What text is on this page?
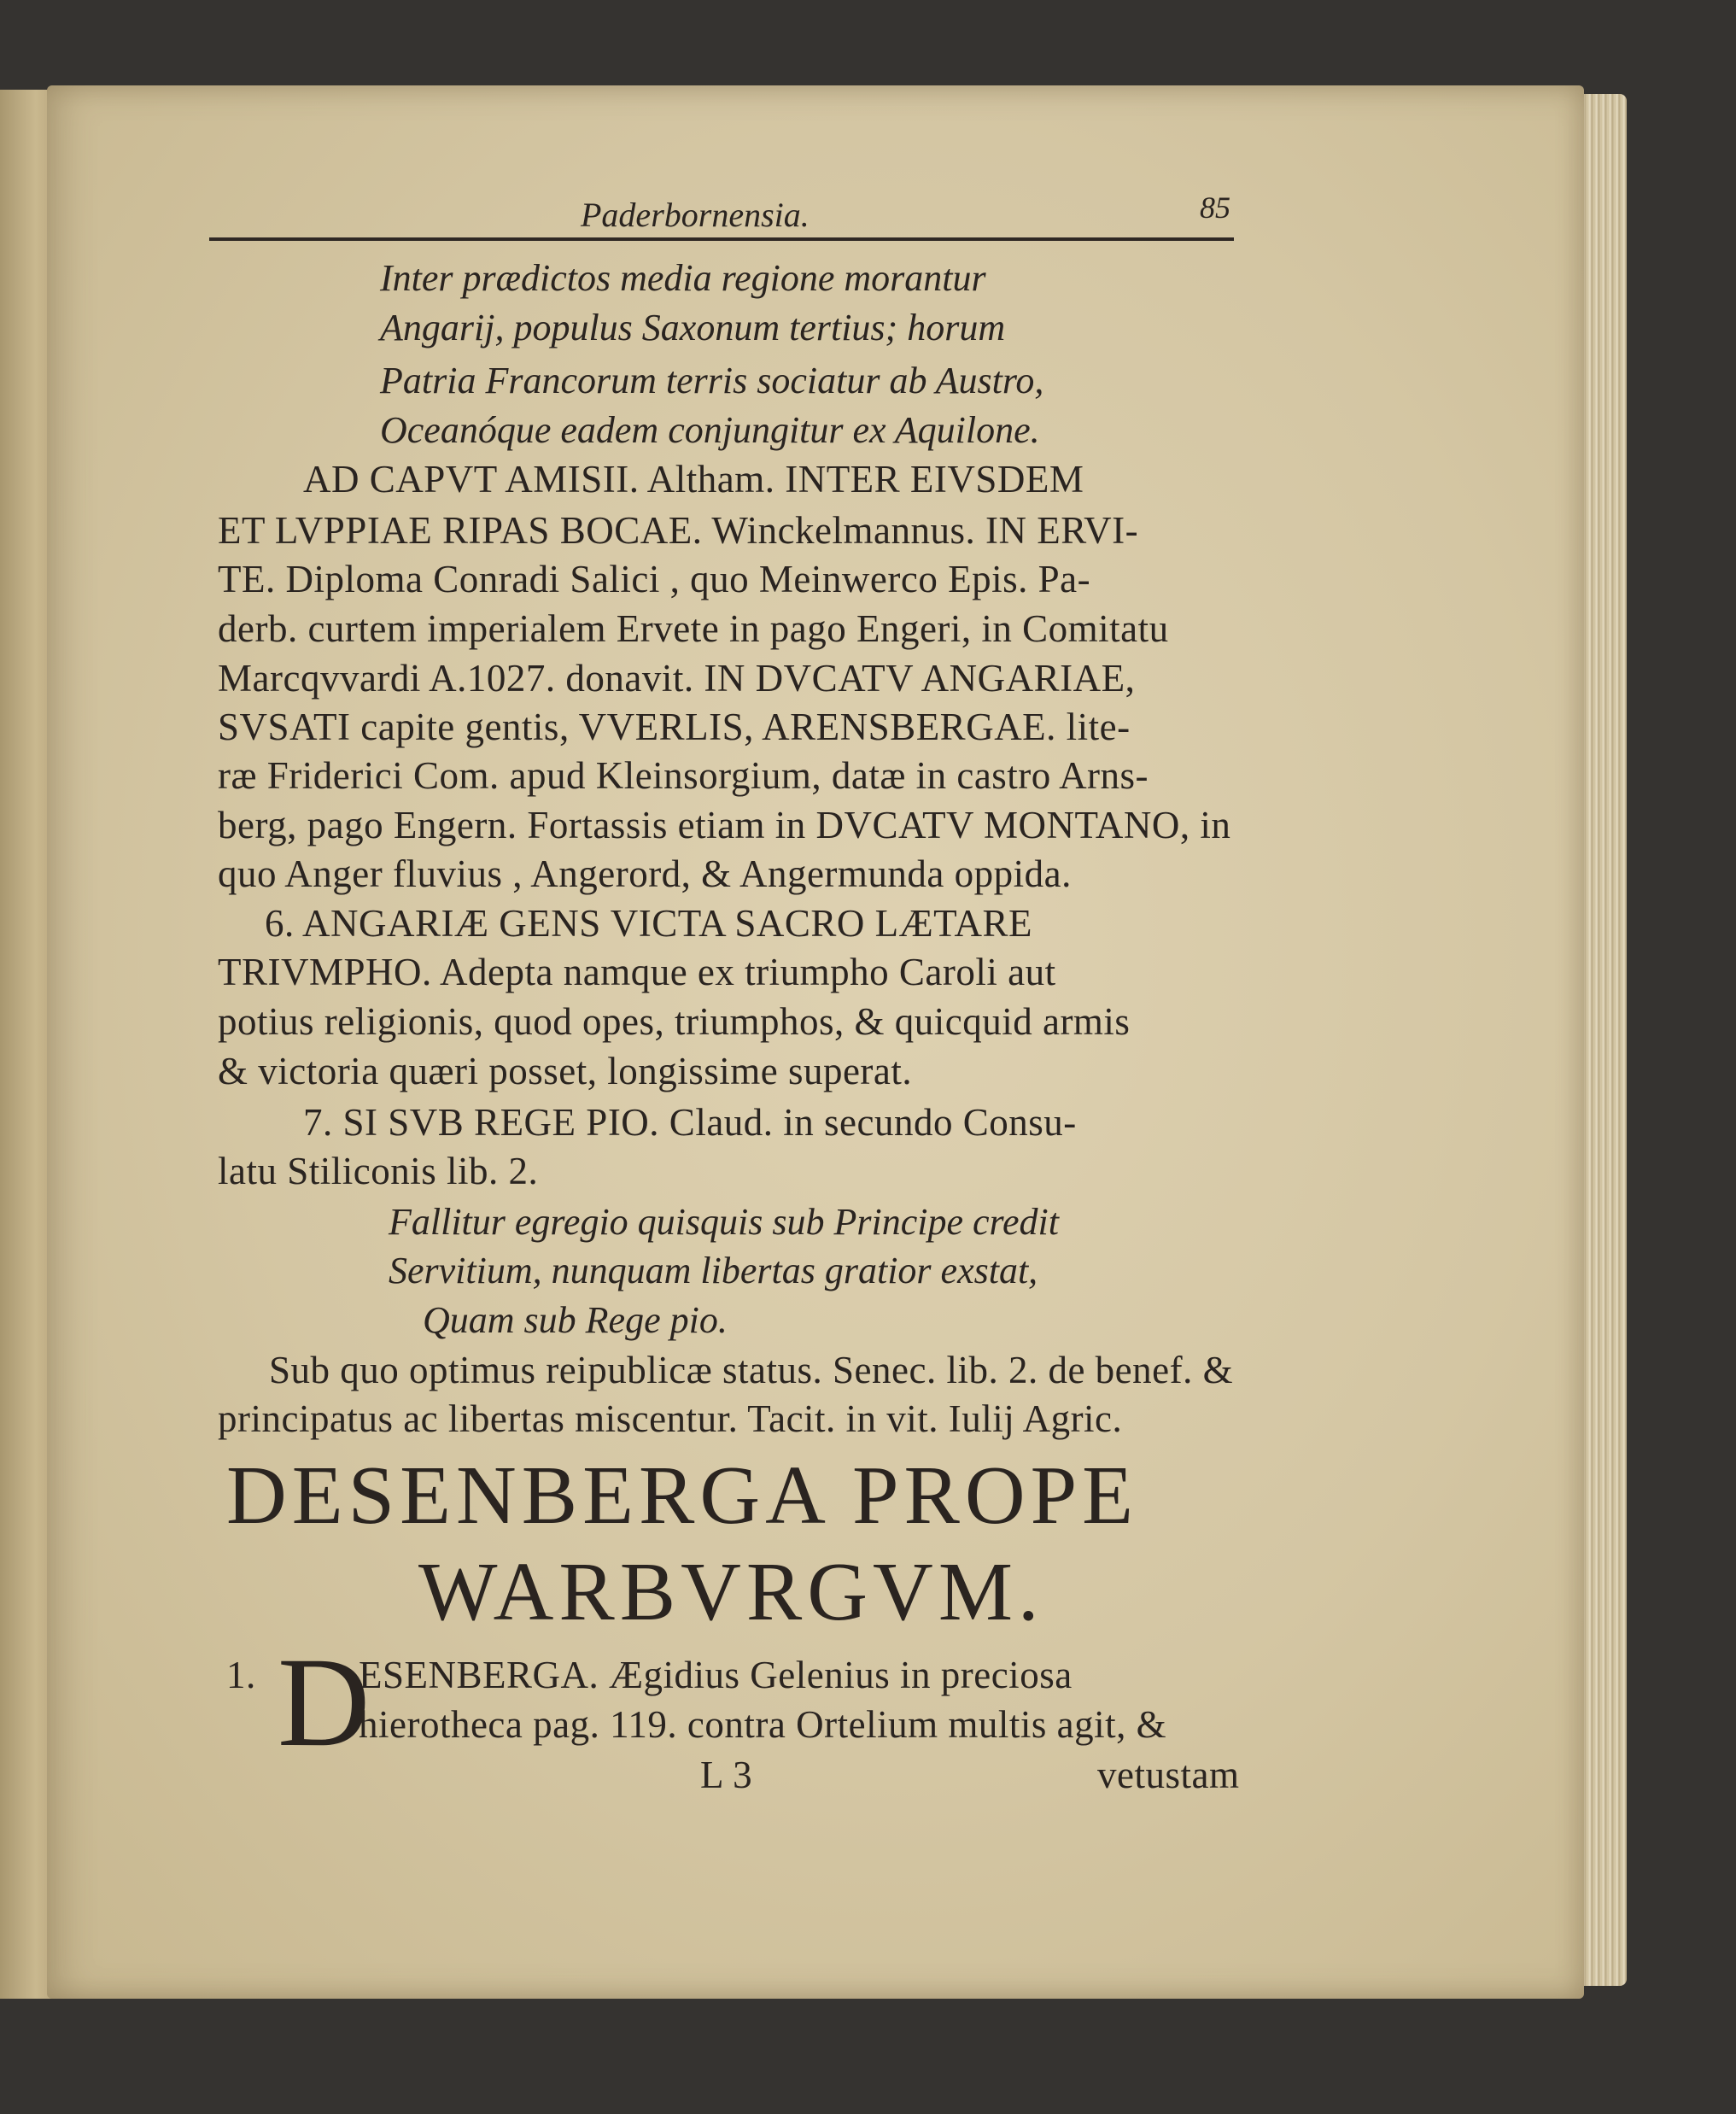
Paderbornensia.	85
Inter prædictos media regione morantur
Angarij, populus Saxonum tertius; horum
Patria Francorum terris sociatur ab Austro,
Oceanóque eadem conjungitur ex Aquilone.
AD CAPVT AMISII. Altham. INTER EIVSDEM
ET LVPPIAE RIPAS BOCAE. Winckelmannus. IN ERVI-
TE. Diploma Conradi Salici , quo Meinwerco Epis. Pa-
derb. curtem imperialem Ervete in pago Engeri, in Comitatu
Marcqvvardi A.1027. donavit. IN DVCATV ANGARIAE,
SVSATI capite gentis, VVERLIS, ARENSBERGAE. lite-
ræ Friderici Com. apud Kleinsorgium, datæ in castro Arns-
berg, pago Engern. Fortassis etiam in DVCATV MONTANO, in
quo Anger fluvius , Angerord, & Angermunda oppida.
6. ANGARIÆ GENS VICTA SACRO LÆTARE
TRIVMPHO. Adepta namque ex triumpho Caroli aut
potius religionis, quod opes, triumphos, & quicquid armis
& victoria quæri posset, longissime superat.
7. SI SVB REGE PIO. Claud. in secundo Consu-
latu Stiliconis lib. 2.
Fallitur egregio quisquis sub Principe credit
Servitium, nunquam libertas gratior exstat,
Quam sub Rege pio.
Sub quo optimus reipublicæ status. Senec. lib. 2. de benef. &
principatus ac libertas miscentur. Tacit. in vit. Iulij Agric.
DESENBERGA PROPE
WARBVRGVM.
1. D
ESENBERGA. Ægidius Gelenius in preciosa
hierotheca pag. 119. contra Ortelium multis agit, &
L 3	vetustam
